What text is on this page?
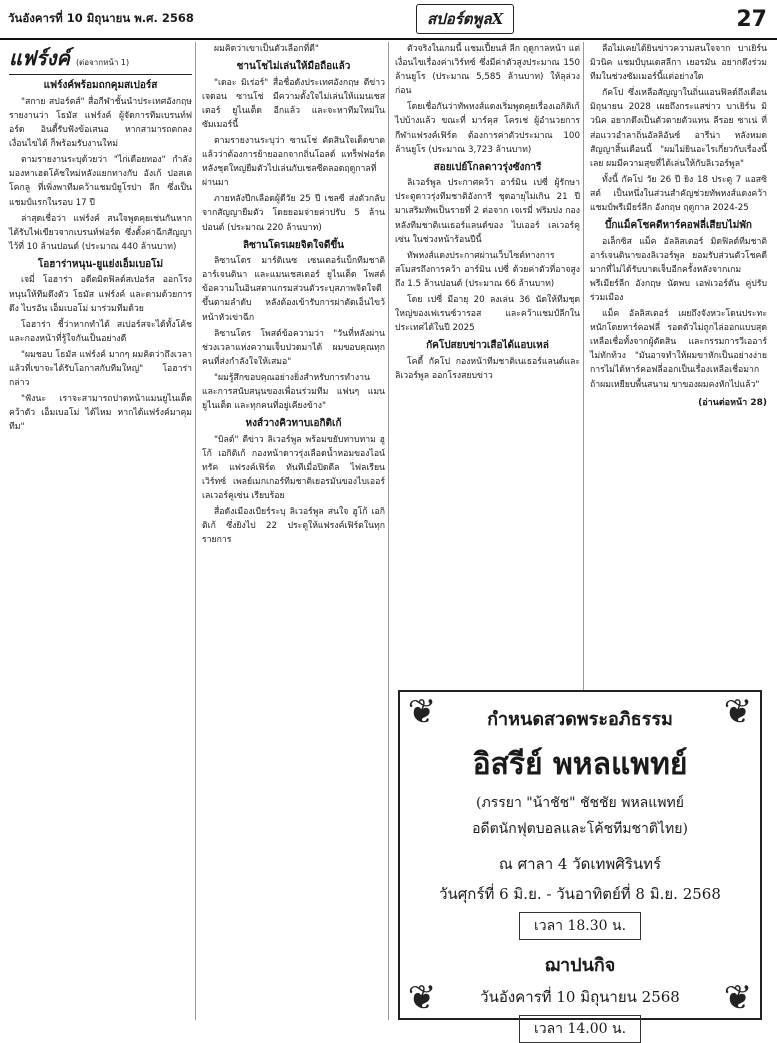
วันอังคารที่ 10 มิถุนายน พ.ศ. 2568	สปอร์ตพูลX	27
แฟร์งค์ (ต่อจากหน้า 1)
แฟร์งค์พร้อมถกคุมสเปอร์ส

"สกาย สปอร์ตส์" สื่อกีฬาชั้นนำประเทศอังกฤษ รายงานว่า โธมัส แฟร์งค์ ผู้จัดการทีมเบรนท์ฟอร์ด อินดี้รับฟังข้อเสนอ หากสามารถตกลงเงื่อนไขได้ ก็พร้อมรับงานใหม่

ตามรายงานระบุด้วยว่า "ไก่เดือยทอง" กำลังมองหาเฮดโค้ชใหม่หลังแยกทางกับ อังเก้ ปอสเตโคกลู ที่เพิ่งพาทีมคว้าแชมป์ยูโรปา ลีก ซึ่งเป็นแชมป์แรกในรอบ 17 ปี

ล่าสุดเชื่อว่า แฟร์งค์ สนใจพูดคุยเช่นกันหากได้รับไฟเขียวจากเบรนท์ฟอร์ด ซึ่งตั้งค่าฉีกสัญญาไว้ที่ 10 ล้านปอนด์ (ประมาณ 440 ล้านบาท)

โอฮาร่าหนุน-ยูแย่งเอ็มเบอโม่

เจมี่ โอฮาร่า อดีตมิดฟิลด์สเปอร์ส ออกโรงหนุนให้ทีมดึงตัว โธมัส แฟร์งค์ และตามด้วยการดึง ไบรอัน เอ็มเบอโม่ มาร่วมทีมด้วย

โอฮาร่า ชี้ว่าหากทำได้ สเปอร์สจะได้ทั้งโค้ชและกองหน้าที่รู้ใจกันเป็นอย่างดี

"ผมชอบ โธมัส แฟร์งค์ มากๆ ผมคิดว่าถึงเวลาแล้วที่เขาจะได้รับโอกาสกับทีมใหญ่" โอฮาร่า กล่าว

"ฟังนะ เราจะสามารถปาดหน้าแมนยูไนเต็ดคว้าตัว เอ็มเบอโม่ ได้ไหม หากได้แฟร์งค์มาคุมทีม"

ผมคิดว่าเขาเป็นตัวเลือกที่ดี"

ชานโชไม่เล่นให้มือถือแล้ว

"เดอะ มิเร่อร์" สื่อชื่อดังประเทศอังกฤษ ตีข่าว เจดอน ซานโช่ มีความตั้งใจไม่เล่นให้แมนเชสเตอร์ ยูไนเต็ด อีกแล้ว และจะหาทีมใหม่ในซัมเมอร์นี้

ตามรายงานระบุว่า ซานโช่ ตัดสินใจเด็ดขาดแล้วว่าต้องการย้ายออกจากถิ่นโอลด์ แทร็ฟฟอร์ด หลังชุดใหญ่ยืมตัวไปเล่นกับเชลซีตลอดฤดูกาลที่ผ่านมา

ภายหลังปีกเลือดผู้ดีวัย 25 ปี เชลซี ส่งตัวกลับจากสัญญายืมตัว โดยยอมจ่ายค่าปรับ 5 ล้านปอนด์ (ประมาณ 220 ล้านบาท)

ลิซานโดรเผยจิตใจดีขึ้น

ลิซานโดร มาร์ติเนซ เซนเตอร์แบ็กทีมชาติอาร์เจนตินา และแมนเชสเตอร์ ยูไนเต็ด โพสต์ข้อความในอินสตาแกรมส่วนตัวระบุสภาพจิตใจดีขึ้นตามลำดับ หลังต้องเข้ารับการผ่าตัดเอ็นไขว้หน้าหัวเข่าฉีก

ลิซานโดร โพสต์ข้อความว่า "วันที่หลังผ่านช่วงเวลาแห่งความเจ็บปวดมาได้ ผมขอบคุณทุกคนที่ส่งกำลังใจให้เสมอ"

"ผมรู้สึกขอบคุณอย่างยิ่งสำหรับการทำงานและการสนับสนุนของเพื่อนร่วมทีม แฟนๆ แมนยูไนเต็ด และทุกคนที่อยู่เคียงข้าง"

หงส์วางคิวทาบเอกิติเก้

"บิลด์" ตีข่าว ลิเวอร์พูล พร้อมขยับทาบทาม ฮูโก้ เอกิติเก้ กองหน้าดาวรุ่งเลือดน้ำหอมของไอน์ทรัค แฟรงค์เฟิร์ต ทันทีเมื่อปิดดีล ไฟลเรียน เวิร์ทซ์ เพลย์เมกเกอร์ทีมชาติเยอรมันของไบเออร์ เลเวอร์คูเซ่น เรียบร้อย

สื่อดังเมืองเบียร์ระบุ ลิเวอร์พูล สนใจ ฮูโก้ เอกิติเก้ ซึ่งยิงไป 22 ประตูให้แฟรงค์เฟิร์ตในทุกรายการ

ตัวจริงในเกมนี้ แชมเปี้ยนส์ ลีก ฤดูกาลหน้า แต่เงื่อนไขเรื่องค่าเวิร์ทซ์ ซึ่งมีค่าตัวสูงประมาณ 150 ล้านยูโร (ประมาณ 5,585 ล้านบาท) ให้ลุล่วงก่อน

โดยเชื่อกันว่าทัพหงส์แดงเริ่มพูดคุยเรื่องเอกิติเก้ไปบ้างแล้ว ขณะที่ มาร์คุส โครเช่ ผู้อำนวยการกีฬาแฟรงค์เฟิร์ต ต้องการค่าตัวประมาณ 100 ล้านยูโร (ประมาณ 3,723 ล้านบาท)

สอยเปย์โกลดาวรุ่งซังการี

ลิเวอร์พูล ประกาศคว้า อาร์มิน เปซี่ ผู้รักษาประตูดาวรุ่งทีมชาติอังการี ชุดอายุไม่เกิน 21 ปี มาเสริมทัพเป็นรายที่ 2 ต่อจาก เจเรมี่ ฟริมปง กองหลังทีมชาติเนเธอร์แลนด์ของ ไบเออร์ เลเวอร์คูเซ่น ในช่วงหน้าร้อนปีนี้

ทัพหงส์แดงประกาศผ่านเว็บไซต์ทางการสโมสรถึงการคว้า อาร์มิน เปซี่ ด้วยค่าตัวที่อาจสูงถึง 1.5 ล้านปอนด์ (ประมาณ 66 ล้านบาท)

โดย เปซี่ มีอายุ 20 ลงเล่น 36 นัดให้ทีมชุดใหญ่ของเฟเรนซ์วารอส และคว้าแชมป์ลีกในประเทศได้ในปี 2025

กัคโปสยบข่าวเสือได้แอบเหล่

โคดี้ กัคโป กองหน้าทีมชาติเนเธอร์แลนด์และลิเวอร์พูล ออกโรงสยบข่าว

ลือไม่เคยได้ยินข่าวความสนใจจาก บาเยิร์น มิวนิค แชมป์บุนเดสลีกา เยอรมัน อยากดึงร่วมทีมในช่วงซัมเมอร์นี้แต่อย่างใด

กัคโป ซึ่งเหลือสัญญาในถิ่นแอนฟิลด์ถึงเดือนมิถุนายน 2028 เผยถึงกระแสข่าว บาเยิร์น มิวนิค อยากดึงเป็นตัวตายตัวแทน ลีรอย ซาเน่ ที่ส่อแววอำลาถิ่นอัลลิอันซ์ อารีน่า หลังหมดสัญญาสิ้นเดือนนี้ "ผมไม่ยินอะไรเกี่ยวกับเรื่องนี้เลย ผมมีความสุขที่ได้เล่นให้กับลิเวอร์พูล"

ทั้งนี้ กัคโป วัย 26 ปี ยิง 18 ประตู 7 แอสซิสต์ เป็นหนึ่งในส่วนสำคัญช่วยทัพหงส์แดงคว้าแชมป์พรีเมียร์ลีก อังกฤษ ฤดูกาล 2024-25

บึ้กแม็คโชคดีหาร์คอฟลี่เสียบไม่พัก

อเล็กซิส แม็ค อัลลิสเตอร์ มิดฟิลด์ทีมชาติอาร์เจนตินาของลิเวอร์พูล ยอมรับส่วนตัวโชคดีมากที่ไม่ได้รับบาดเจ็บอีกครั้งหลังจากเกมพรีเมียร์ลีก อังกฤษ นัดพบ เอฟเวอร์ตัน คู่ปรับร่วมเมือง

แม็ค อัลลิสเตอร์ เผยถึงจังหวะโดนประทะหนักโดยหาร์คอฟลี่ รอดตัวไม่ถูกไล่ออกแบบสุดเหลือเชื่อทั้งจากผู้ตัดสิน และกรรมการวีเออาร์ไม่ทักท้วง "มันอาจทำให้ผมขาหักเป็นอย่างง่าย การไม่ได้หาร์คอฟลี่ออกเป็นเรื่องเหลือเชื่อมาก ถ้าผมเหยียบพื้นสนาม ขาของผมคงหักไปแล้ว"

(อ่านต่อหน้า 28)
❦	❦
❦	❦
กำหนดสวดพระอภิธรรม
อิสรีย์ พหลแพทย์
(ภรรยา "น้าชัช" ชัชชัย พหลแพทย์
อดีตนักฟุตบอลและโค้ชทีมชาติไทย)
ณ ศาลา 4 วัดเทพศิรินทร์
วันศุกร์ที่ 6 มิ.ย. - วันอาทิตย์ที่ 8 มิ.ย. 2568
เวลา 18.30 น.
ฌาปนกิจ
วันอังคารที่ 10 มิถุนายน 2568
เวลา 14.00 น.
